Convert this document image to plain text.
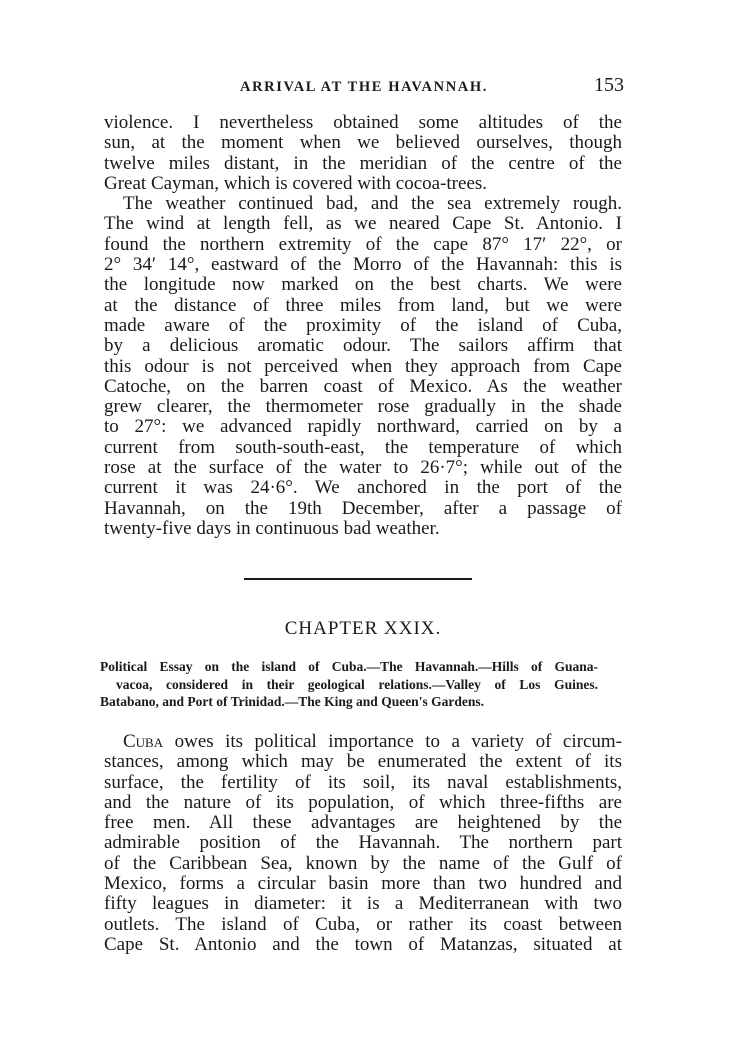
ARRIVAL AT THE HAVANNAH.	153
violence. I nevertheless obtained some altitudes of the
sun, at the moment when we believed ourselves, though
twelve miles distant, in the meridian of the centre of the
Great Cayman, which is covered with cocoa-trees.
The weather continued bad, and the sea extremely rough.
The wind at length fell, as we neared Cape St. Antonio. I
found the northern extremity of the cape 87° 17′ 22°, or
2° 34′ 14°, eastward of the Morro of the Havannah: this is
the longitude now marked on the best charts. We were
at the distance of three miles from land, but we were
made aware of the proximity of the island of Cuba,
by a delicious aromatic odour. The sailors affirm that
this odour is not perceived when they approach from Cape
Catoche, on the barren coast of Mexico. As the weather
grew clearer, the thermometer rose gradually in the shade
to 27°: we advanced rapidly northward, carried on by a
current from south-south-east, the temperature of which
rose at the surface of the water to 26·7°; while out of the
current it was 24·6°. We anchored in the port of the
Havannah, on the 19th December, after a passage of
twenty-five days in continuous bad weather.
CHAPTER XXIX.
Political Essay on the island of Cuba.—The Havannah.—Hills of Guana-
vacoa, considered in their geological relations.—Valley of Los Guines.
Batabano, and Port of Trinidad.—The King and Queen's Gardens.
Cuba owes its political importance to a variety of circum-
stances, among which may be enumerated the extent of its
surface, the fertility of its soil, its naval establishments,
and the nature of its population, of which three-fifths are
free men. All these advantages are heightened by the
admirable position of the Havannah. The northern part
of the Caribbean Sea, known by the name of the Gulf of
Mexico, forms a circular basin more than two hundred and
fifty leagues in diameter: it is a Mediterranean with two
outlets. The island of Cuba, or rather its coast between
Cape St. Antonio and the town of Matanzas, situated at
